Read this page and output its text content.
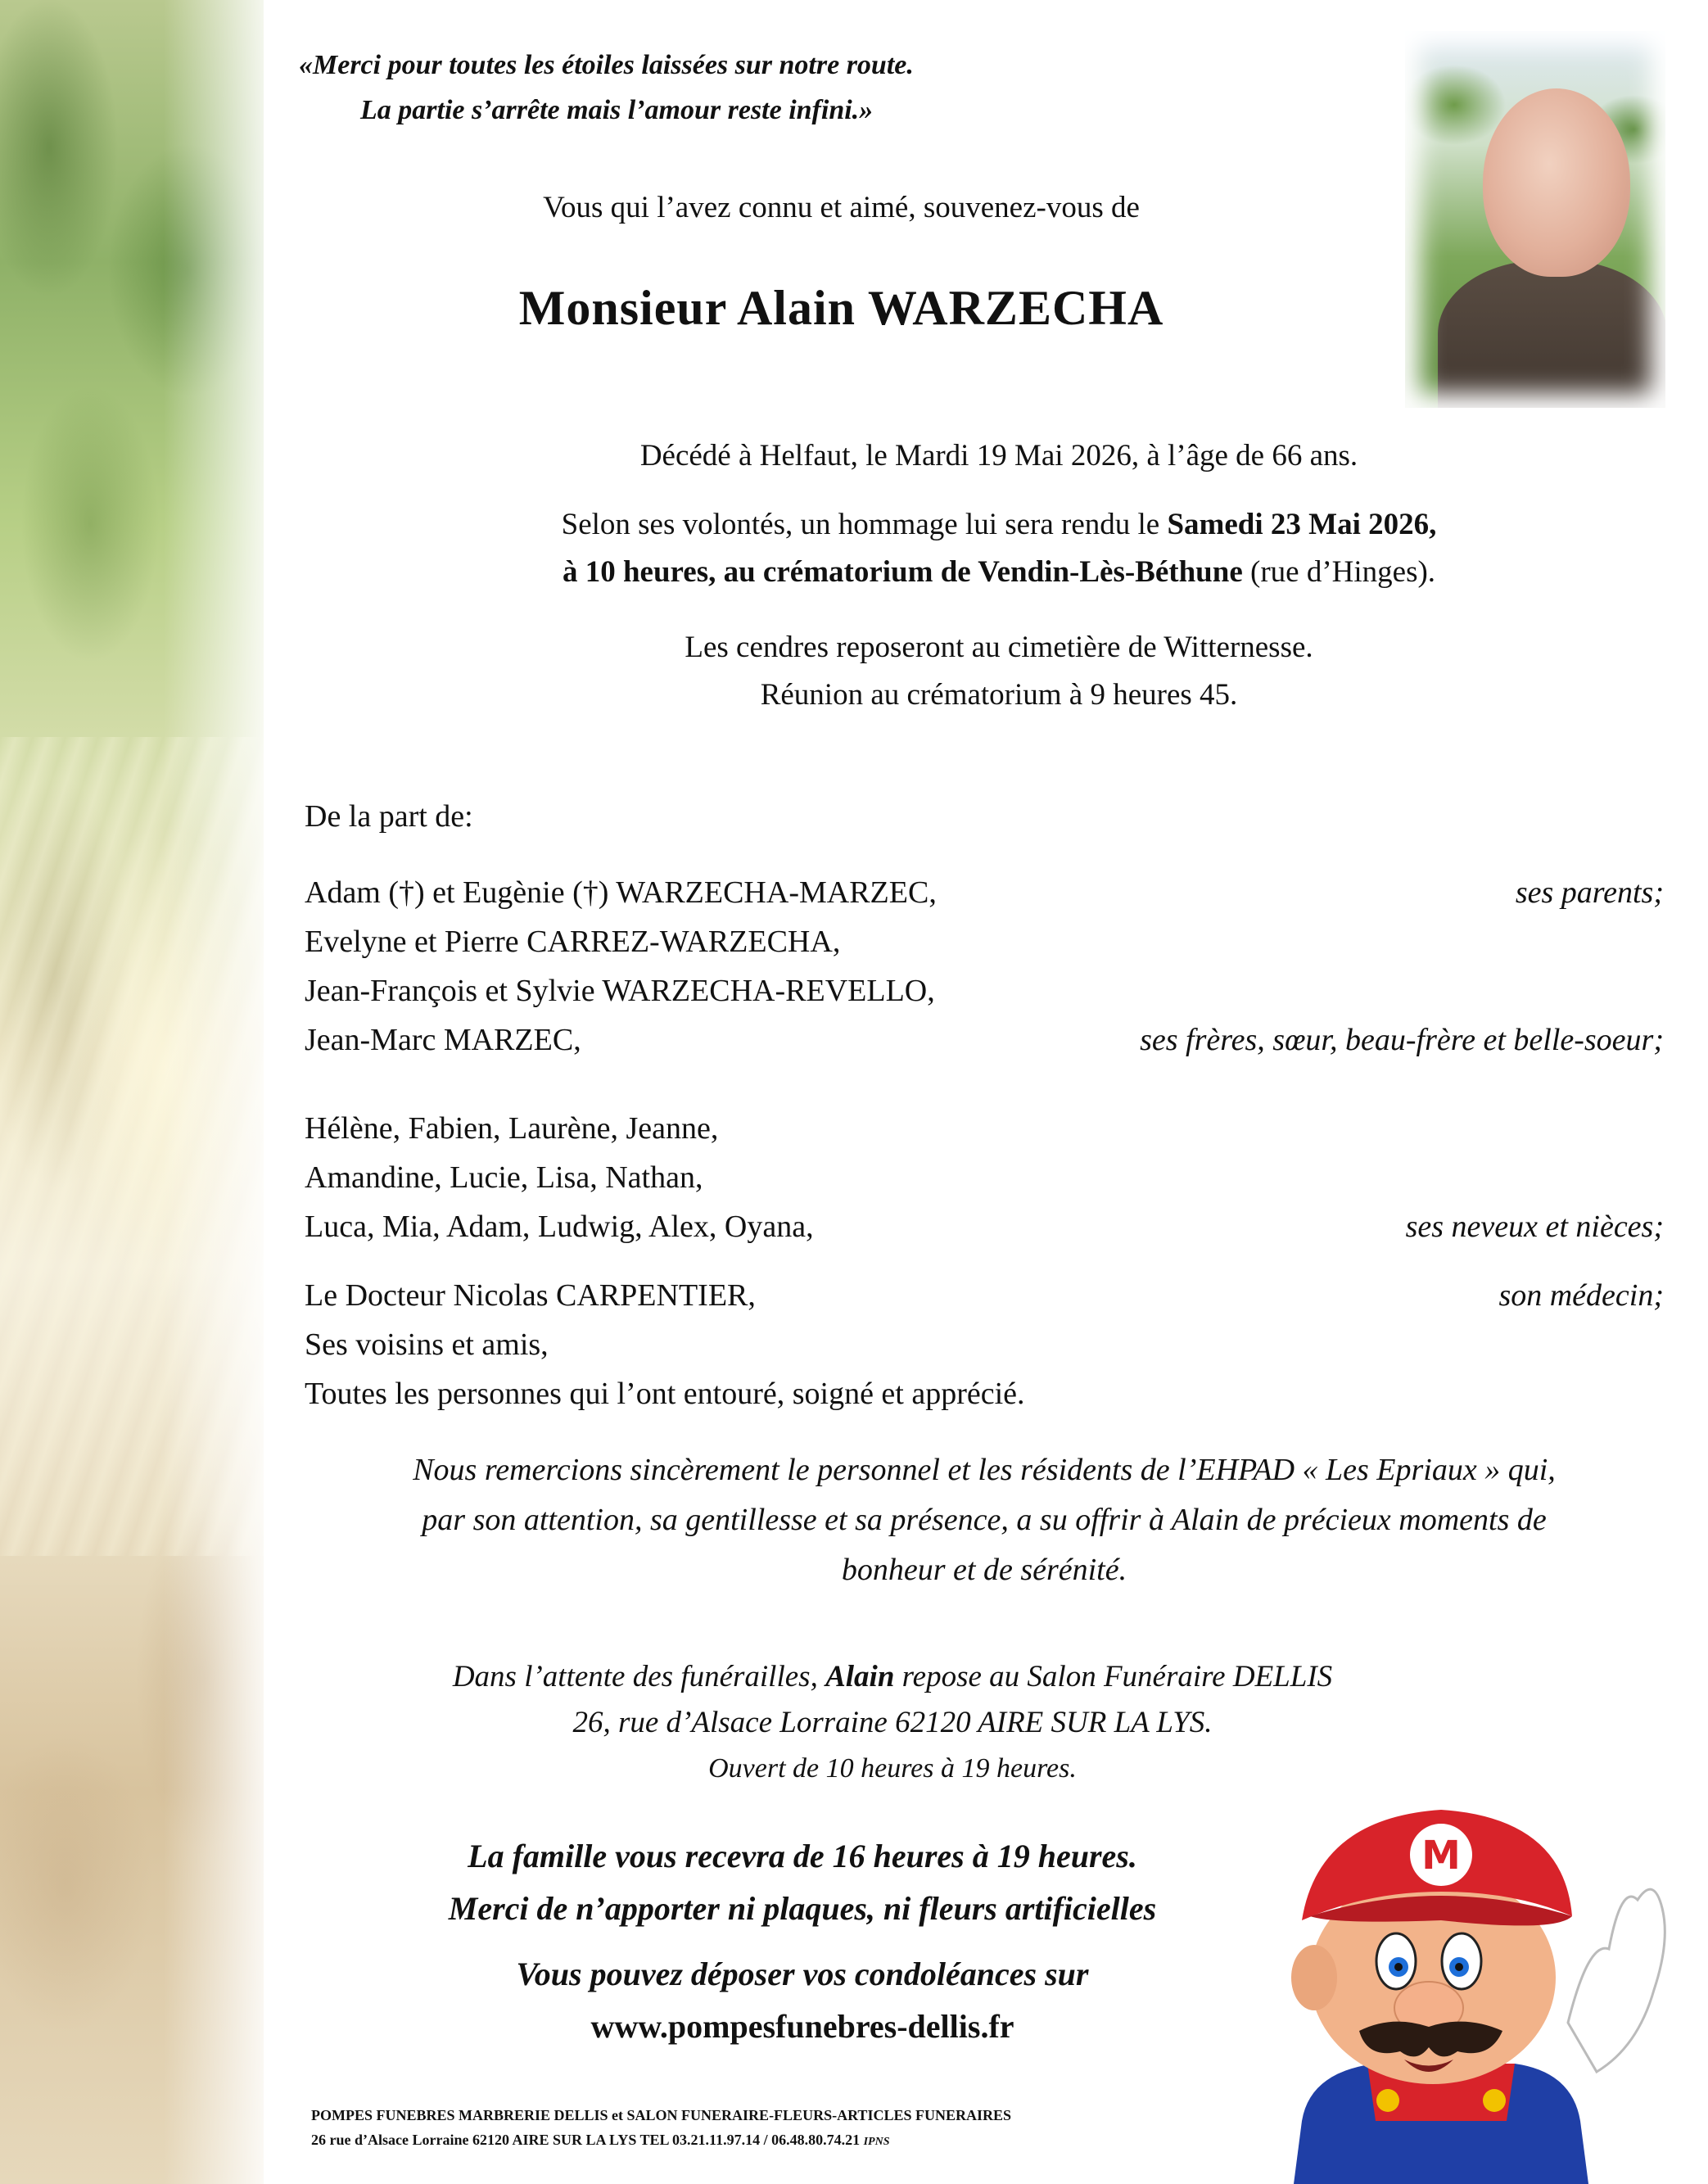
«Merci pour toutes les étoiles laissées sur notre route.
La partie s’arrête mais l’amour reste infini.»
Vous qui l’avez connu et aimé, souvenez-vous de
Monsieur Alain WARZECHA
Décédé à Helfaut, le Mardi 19 Mai 2026, à l’âge de 66 ans.
Selon ses volontés, un hommage lui sera rendu le Samedi 23 Mai 2026,
à 10 heures, au crématorium de Vendin-Lès-Béthune (rue d’Hinges).
Les cendres reposeront au cimetière de Witternesse.
Réunion au crématorium à 9 heures 45.
De la part de:
Adam (†) et Eugènie (†) WARZECHA-MARZEC,	ses parents;
Evelyne et Pierre CARREZ-WARZECHA,
Jean-François et Sylvie WARZECHA-REVELLO,
Jean-Marc MARZEC,	ses frères, sœur, beau-frère et belle-soeur;
Hélène, Fabien, Laurène, Jeanne,
Amandine, Lucie, Lisa, Nathan,
Luca, Mia, Adam, Ludwig, Alex, Oyana,	ses neveux et nièces;
Le Docteur Nicolas CARPENTIER,	son médecin;
Ses voisins et amis,
Toutes les personnes qui l’ont entouré, soigné et apprécié.
Nous remercions sincèrement le personnel et les résidents de l’EHPAD « Les Epriaux » qui,
par son attention, sa gentillesse et sa présence, a su offrir à Alain de précieux moments de
bonheur et de sérénité.
Dans l’attente des funérailles, Alain repose au Salon Funéraire DELLIS
26, rue d’Alsace Lorraine 62120 AIRE SUR LA LYS.
Ouvert de 10 heures à 19 heures.
La famille vous recevra de 16 heures à 19 heures.
Merci de n’apporter ni plaques, ni fleurs artificielles
Vous pouvez déposer vos condoléances sur
www.pompesfunebres-dellis.fr
POMPES FUNEBRES MARBRERIE DELLIS et SALON FUNERAIRE-FLEURS-ARTICLES FUNERAIRES
26 rue d’Alsace Lorraine 62120 AIRE SUR LA LYS TEL 03.21.11.97.14 / 06.48.80.74.21 IPNS
M
